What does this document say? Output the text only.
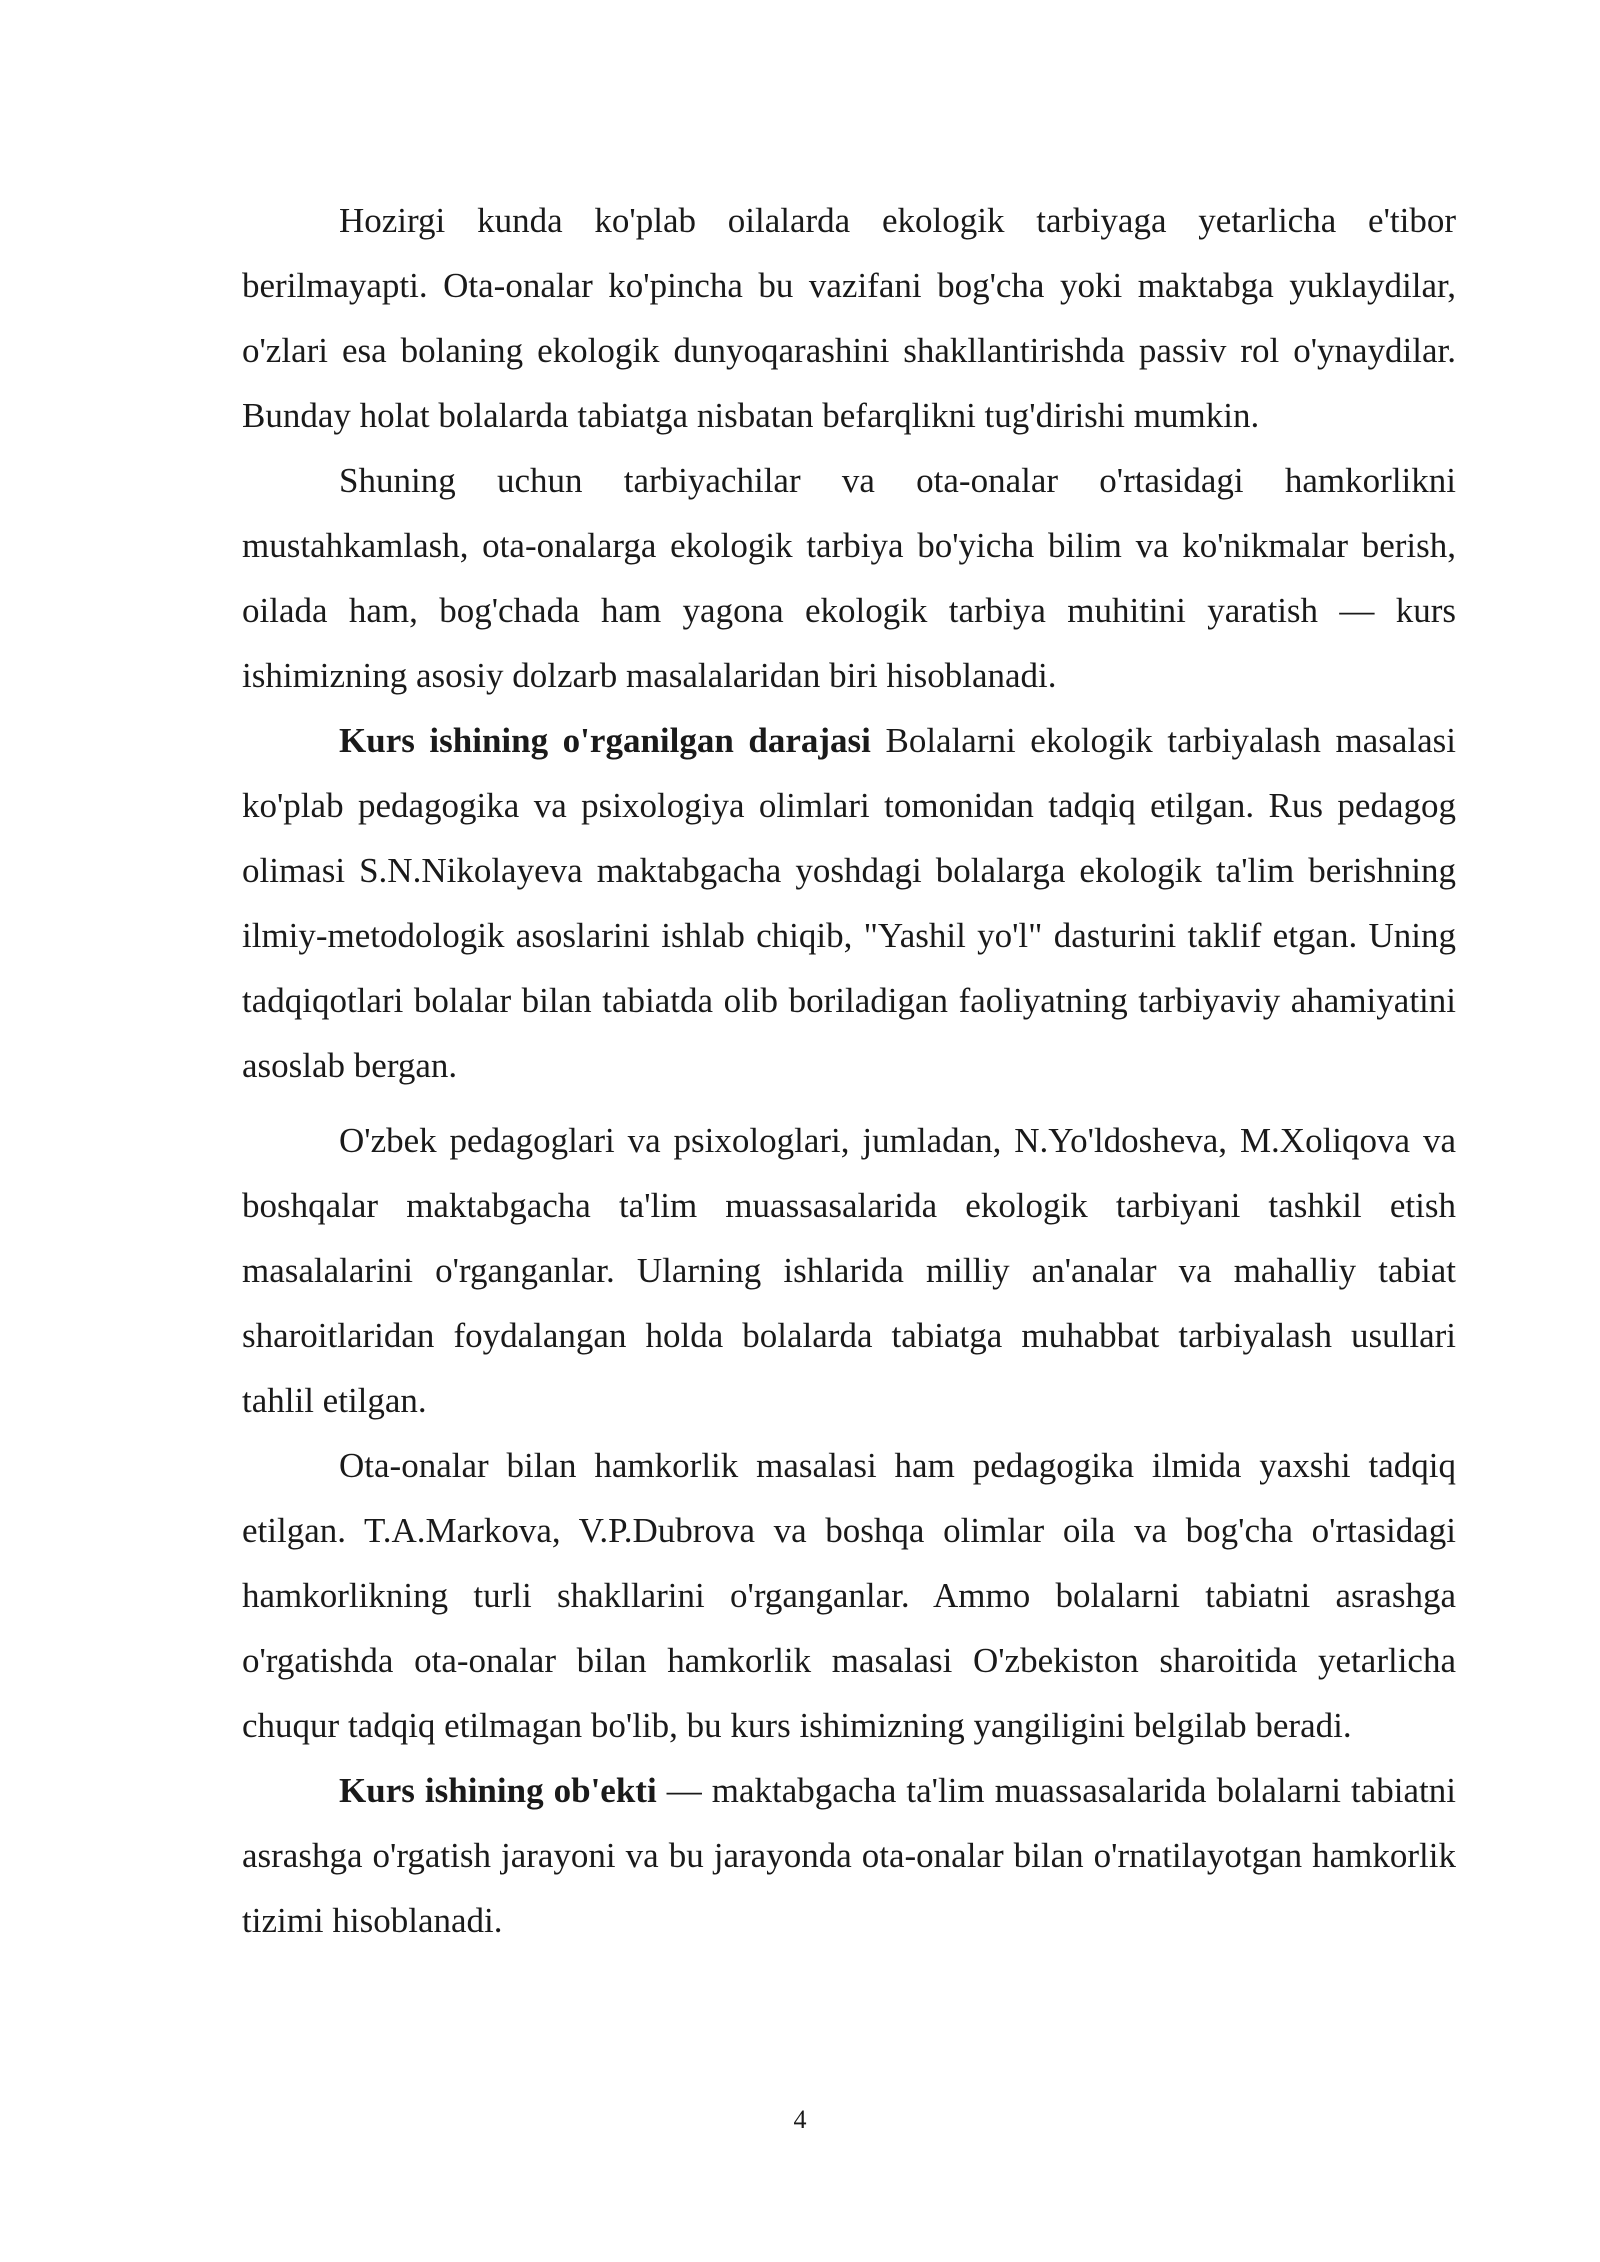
Hozirgi kunda ko'plab oilalarda ekologik tarbiyaga yetarlicha e'tibor berilmayapti. Ota-onalar ko'pincha bu vazifani bog'cha yoki maktabga yuklaydilar, o'zlari esa bolaning ekologik dunyoqarashini shakllantirishda passiv rol o'ynaydilar. Bunday holat bolalarda tabiatga nisbatan befarqlikni tug'dirishi mumkin.

Shuning uchun tarbiyachilar va ota-onalar o'rtasidagi hamkorlikni mustahkamlash, ota-onalarga ekologik tarbiya bo'yicha bilim va ko'nikmalar berish, oilada ham, bog'chada ham yagona ekologik tarbiya muhitini yaratish — kurs ishimizning asosiy dolzarb masalalaridan biri hisoblanadi.

Kurs ishining o'rganilgan darajasi Bolalarni ekologik tarbiyalash masalasi ko'plab pedagogika va psixologiya olimlari tomonidan tadqiq etilgan. Rus pedagog olimasi S.N.Nikolayeva maktabgacha yoshdagi bolalarga ekologik ta'lim berishning ilmiy-metodologik asoslarini ishlab chiqib, "Yashil yo'l" dasturini taklif etgan. Uning tadqiqotlari bolalar bilan tabiatda olib boriladigan faoliyatning tarbiyaviy ahamiyatini asoslab bergan.

O'zbek pedagoglari va psixologlari, jumladan, N.Yo'ldosheva, M.Xoliqova va boshqalar maktabgacha ta'lim muassasalarida ekologik tarbiyani tashkil etish masalalarini o'rganganlar. Ularning ishlarida milliy an'analar va mahalliy tabiat sharoitlaridan foydalangan holda bolalarda tabiatga muhabbat tarbiyalash usullari tahlil etilgan.

Ota-onalar bilan hamkorlik masalasi ham pedagogika ilmida yaxshi tadqiq etilgan. T.A.Markova, V.P.Dubrova va boshqa olimlar oila va bog'cha o'rtasidagi hamkorlikning turli shakllarini o'rganganlar. Ammo bolalarni tabiatni asrashga o'rgatishda ota-onalar bilan hamkorlik masalasi O'zbekiston sharoitida yetarlicha chuqur tadqiq etilmagan bo'lib, bu kurs ishimizning yangiligini belgilab beradi.

Kurs ishining ob'ekti — maktabgacha ta'lim muassasalarida bolalarni tabiatni asrashga o'rgatish jarayoni va bu jarayonda ota-onalar bilan o'rnatilayotgan hamkorlik tizimi hisoblanadi.

4
